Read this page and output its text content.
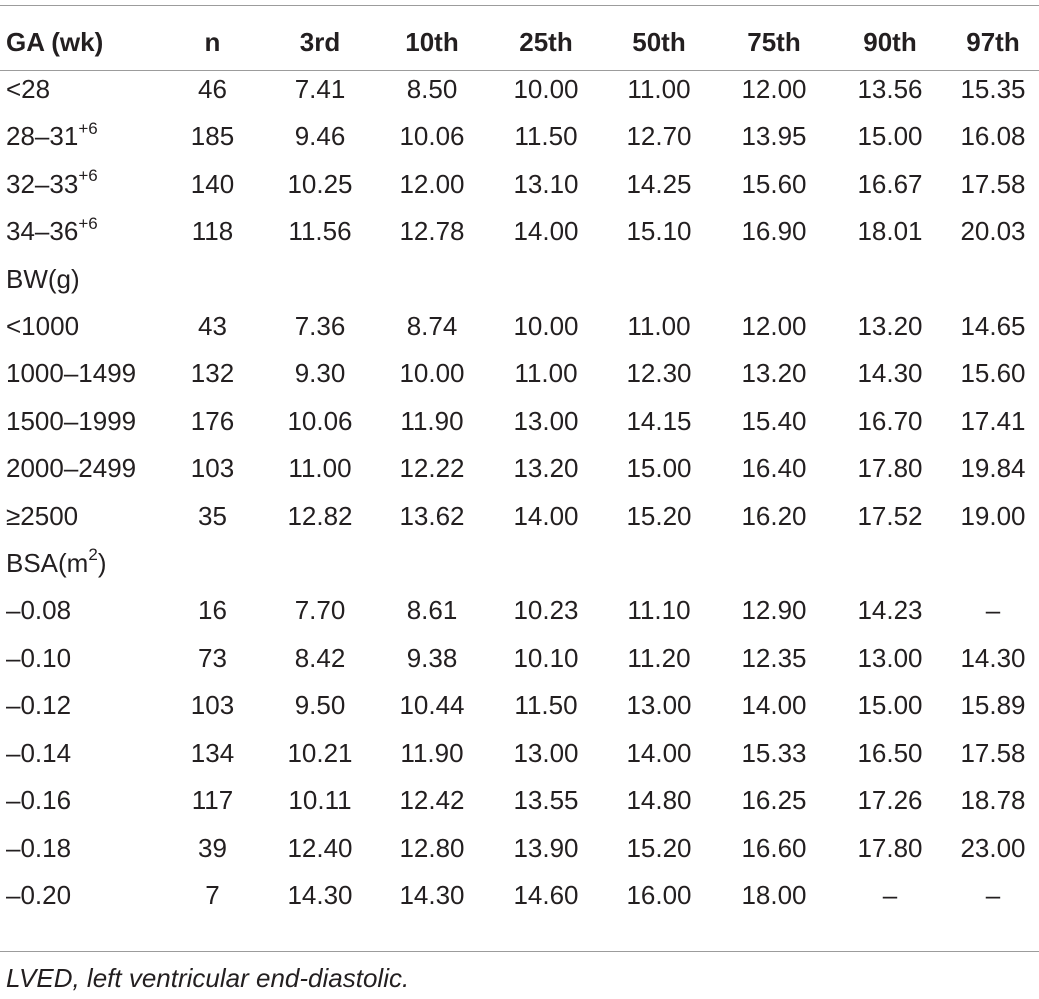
GA (wk)	n	3rd	10th	25th	50th	75th	90th	97th
<28	46	7.41	8.50	10.00	11.00	12.00	13.56	15.35
$28-31^{+6}$	185	9.46	10.06	11.50	12.70	13.95	15.00	16.08
$32-33^{+6}$	140	10.25	12.00	13.10	14.25	15.60	16.67	17.58
$34-36^{+6}$	118	11.56	12.78	14.00	15.10	16.90	18.01	20.03
BW(g)								
<1000	43	7.36	8.74	10.00	11.00	12.00	13.20	14.65
1000–1499	132	9.30	10.00	11.00	12.30	13.20	14.30	15.60
1500–1999	176	10.06	11.90	13.00	14.15	15.40	16.70	17.41
2000–2499	103	11.00	12.22	13.20	15.00	16.40	17.80	19.84
≥2500	35	12.82	13.62	14.00	15.20	16.20	17.52	19.00
$BSA(m^2)$								
–0.08	16	7.70	8.61	10.23	11.10	12.90	14.23	–
–0.10	73	8.42	9.38	10.10	11.20	12.35	13.00	14.30
–0.12	103	9.50	10.44	11.50	13.00	14.00	15.00	15.89
–0.14	134	10.21	11.90	13.00	14.00	15.33	16.50	17.58
–0.16	117	10.11	12.42	13.55	14.80	16.25	17.26	18.78
–0.18	39	12.40	12.80	13.90	15.20	16.60	17.80	23.00
–0.20	7	14.30	14.30	14.60	16.00	18.00	–	–
LVED, left ventricular end-diastolic.
